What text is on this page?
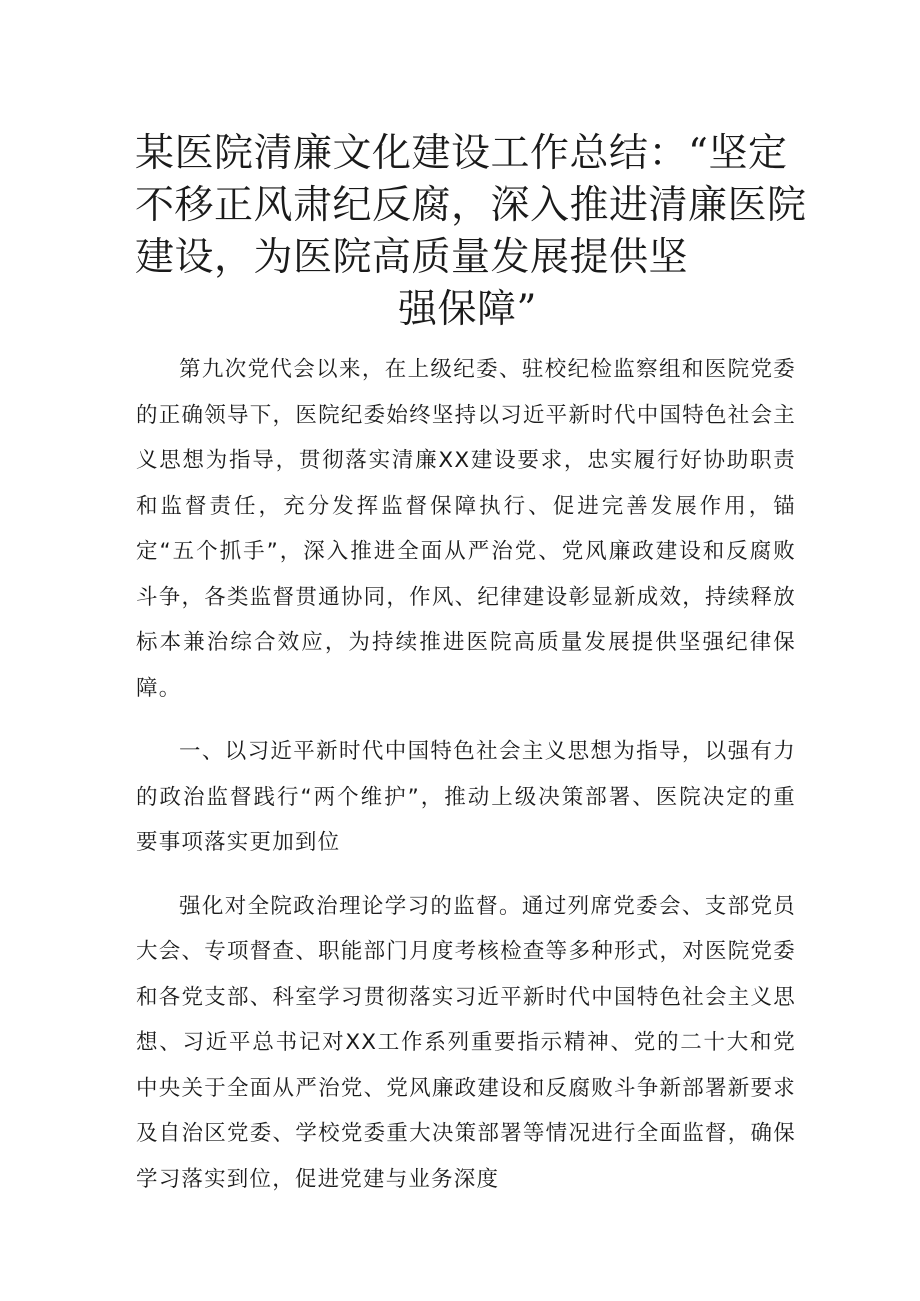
某医院清廉文化建设工作总结：“坚定
不移正风肃纪反腐，深入推进清廉医院
建设，为医院高质量发展提供坚
强保障”

第九次党代会以来，在上级纪委、驻校纪检监察组和医院党委的正确领导下，医院纪委始终坚持以习近平新时代中国特色社会主义思想为指导，贯彻落实清廉XX建设要求，忠实履行好协助职责和监督责任，充分发挥监督保障执行、促进完善发展作用，锚定“五个抓手”，深入推进全面从严治党、党风廉政建设和反腐败斗争，各类监督贯通协同，作风、纪律建设彰显新成效，持续释放标本兼治综合效应，为持续推进医院高质量发展提供坚强纪律保障。

一、以习近平新时代中国特色社会主义思想为指导，以强有力的政治监督践行“两个维护”，推动上级决策部署、医院决定的重要事项落实更加到位

强化对全院政治理论学习的监督。通过列席党委会、支部党员大会、专项督查、职能部门月度考核检查等多种形式，对医院党委和各党支部、科室学习贯彻落实习近平新时代中国特色社会主义思想、习近平总书记对XX工作系列重要指示精神、党的二十大和党中央关于全面从严治党、党风廉政建设和反腐败斗争新部署新要求及自治区党委、学校党委重大决策部署等情况进行全面监督，确保学习落实到位，促进党建与业务深度
